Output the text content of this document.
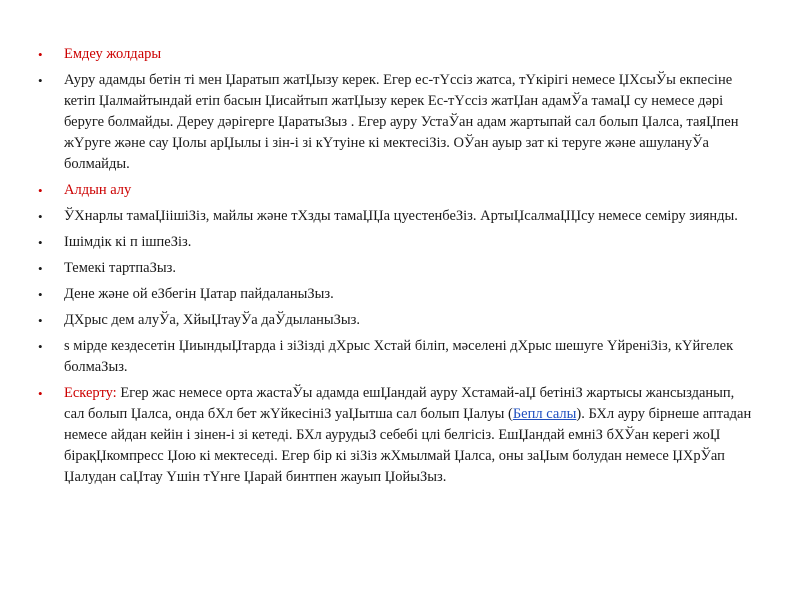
• Емдеу жолдары
• Ауру адамды бетін ті мен Џаратып жатЏызу керек. Егер ес-тҮссіз жатса, тҮкірігі немесе ЏХсыЎы екпесіне кетіп Џалмайтындай етіп басын Џисайтып жатЏызу керек Ес-тҮссіз жатЏан адамЎа тамаЏ су немесе дәрі беруге болмайды. Дереу дәрігерге ЏаратыЗыз . Егер ауру УстаЎан адам жартыпай сал болып Џалса, таяЏпен жҮруге жәнe сау Џолы арЏылы і зін-і зі кҮтуіне кі мектесіЗіз. ОЎан ауыр зат кі теруге жәнe ашулануЎа болмайды.
• Алдын алу
• ЎХнарлы тамаЏіішіЗіз, майлы жәнe тХзды тамаЏЏа цуестенбеЗіз. АртыЏсалмаЏЏсу немесе семіру зиянды.
• Ішімдік кі п ішпеЗіз.
• Темекі тартпаЗыз.
• Дене жәнe ой еЗбегін Џатар пайдаланыЗыз.
• ДХрыс дем алуЎа, ХйыЏтауЎа даЎдыланыЗыз.
• s мірде кездесетін ЏиындыЏтарда і зіЗізді дХрыс Хстай біліп, мәселені дХрыс шешуге ҮйреніЗіз, кҮйгелек болмаЗыз.
• Ескерту: Егер жас немесе орта жастаЎы адамда ешЏандай ауру Хстамай-аЏ бетініЗ жартысы жансызданып, сал болып Џалса, онда бХл бет жҮйкесініЗ уаЏытша сал болып Џалуы (Бепл салы). БХл ауру бірнеше аптадан немесе айдан кейін і зінен-і зі кетеді. БХл аурудыЗ себебі цлі белгісіз. ЕшЏандай емніЗ бХЎан керегі жоЏ бірақЏкомпресс Џою кі мектеседі. Егер бір кі зіЗіз жХмылмай Џалса, оны заЏым болудан немесе ЏХрЎап Џалудан саЏтау Үшін тҮнге Џарай бинтпен жауып ЏойыЗыз.
